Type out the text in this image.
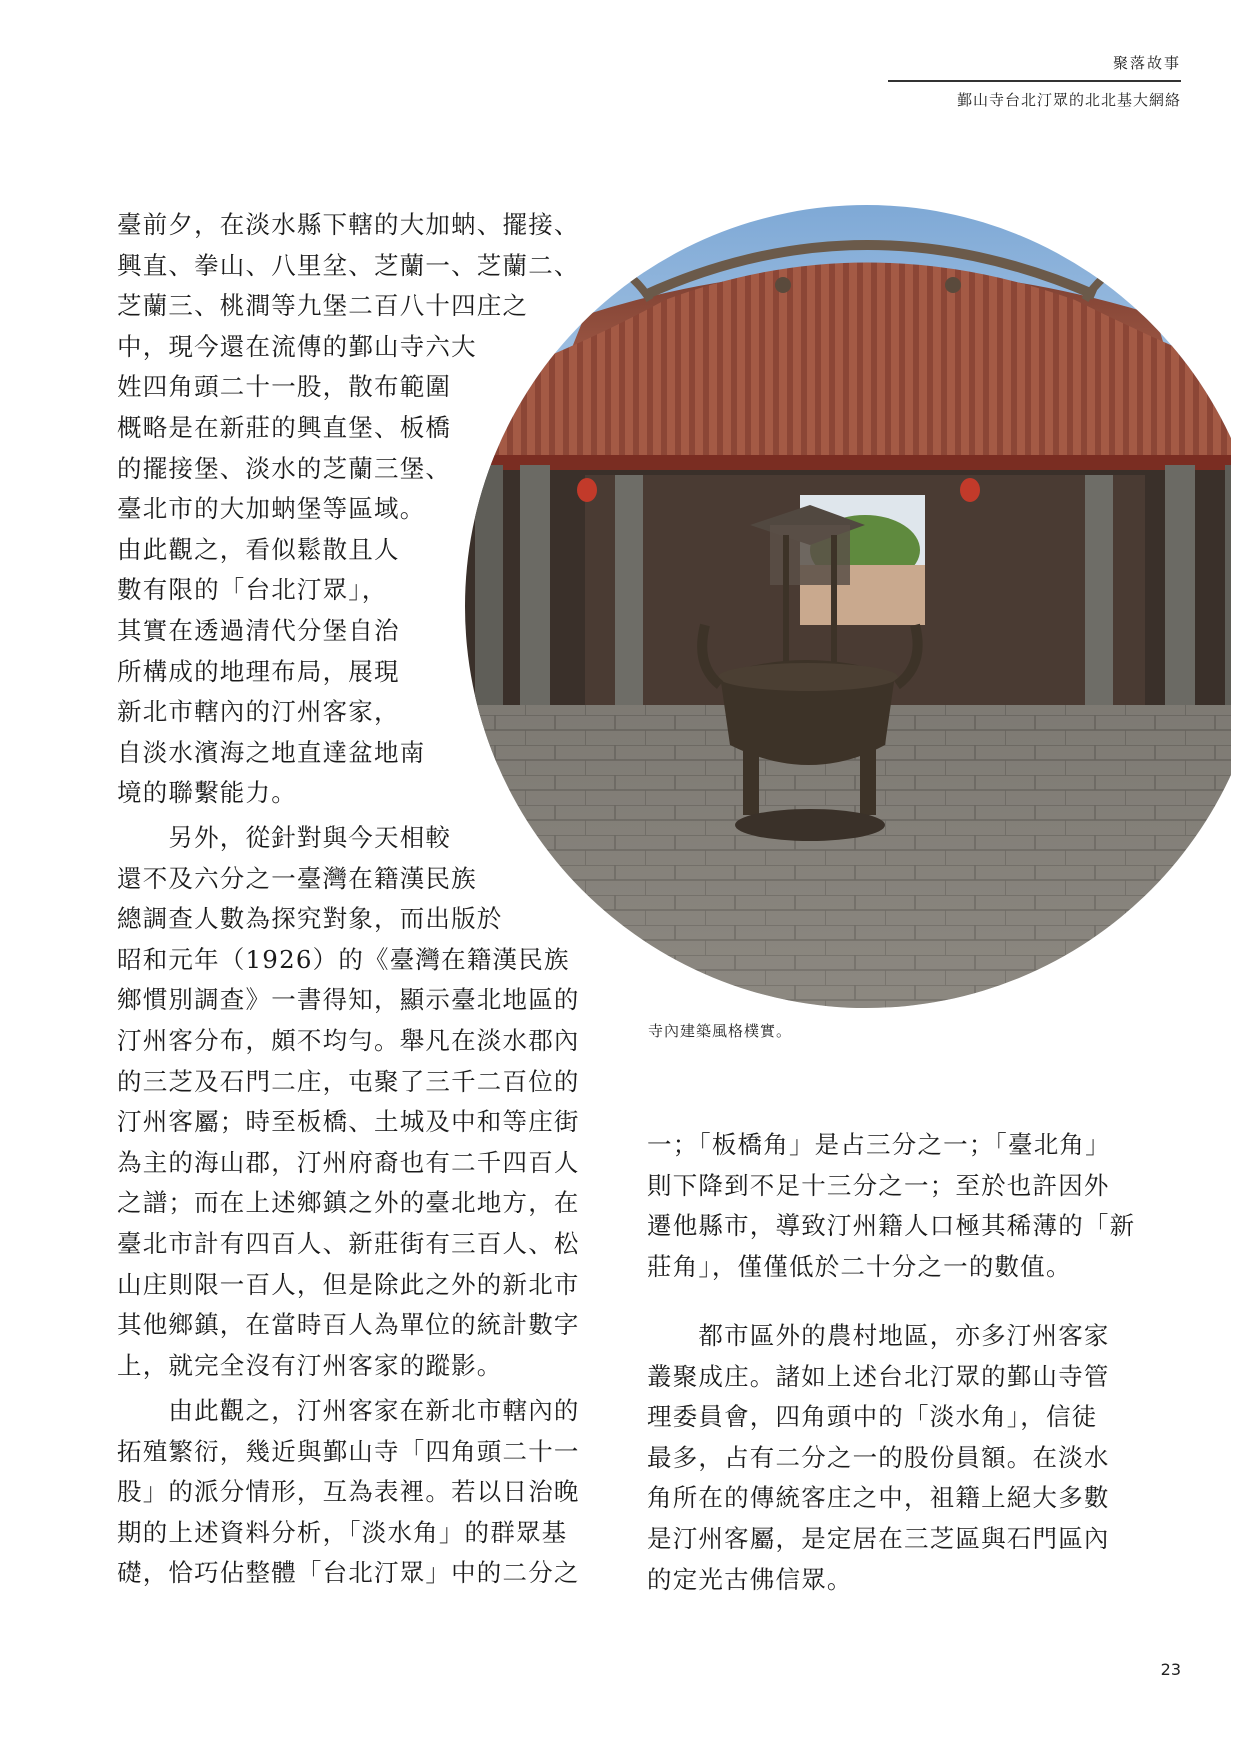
聚落故事
鄞山寺台北汀眾的北北基大網絡
寺內建築風格樸實。
臺前夕，在淡水縣下轄的大加蚋、擺接、
興直、拳山、八里坌、芝蘭一、芝蘭二、
芝蘭三、桃澗等九堡二百八十四庄之
中，現今還在流傳的鄞山寺六大
姓四角頭二十一股，散布範圍
概略是在新莊的興直堡、板橋
的擺接堡、淡水的芝蘭三堡、
臺北市的大加蚋堡等區域。
由此觀之，看似鬆散且人
數有限的「台北汀眾」，
其實在透過清代分堡自治
所構成的地理布局，展現
新北市轄內的汀州客家，
自淡水濱海之地直達盆地南
境的聯繫能力。
　　另外，從針對與今天相較
還不及六分之一臺灣在籍漢民族
總調查人數為探究對象，而出版於
昭和元年（1926）的《臺灣在籍漢民族
鄉慣別調查》一書得知，顯示臺北地區的
汀州客分布，頗不均勻。舉凡在淡水郡內
的三芝及石門二庄，屯聚了三千二百位的
汀州客屬；時至板橋、土城及中和等庄街
為主的海山郡，汀州府裔也有二千四百人
之譜；而在上述鄉鎮之外的臺北地方，在
臺北市計有四百人、新莊街有三百人、松
山庄則限一百人，但是除此之外的新北市
其他鄉鎮，在當時百人為單位的統計數字
上，就完全沒有汀州客家的蹤影。
　　由此觀之，汀州客家在新北市轄內的
拓殖繁衍，幾近與鄞山寺「四角頭二十一
股」的派分情形，互為表裡。若以日治晚
期的上述資料分析，「淡水角」的群眾基
礎，恰巧佔整體「台北汀眾」中的二分之
一；「板橋角」是占三分之一；「臺北角」
則下降到不足十三分之一；至於也許因外
遷他縣市，導致汀州籍人口極其稀薄的「新
莊角」，僅僅低於二十分之一的數值。
　　都市區外的農村地區，亦多汀州客家
叢聚成庄。諸如上述台北汀眾的鄞山寺管
理委員會，四角頭中的「淡水角」，信徒
最多，占有二分之一的股份員額。在淡水
角所在的傳統客庄之中，祖籍上絕大多數
是汀州客屬，是定居在三芝區與石門區內
的定光古佛信眾。
23
